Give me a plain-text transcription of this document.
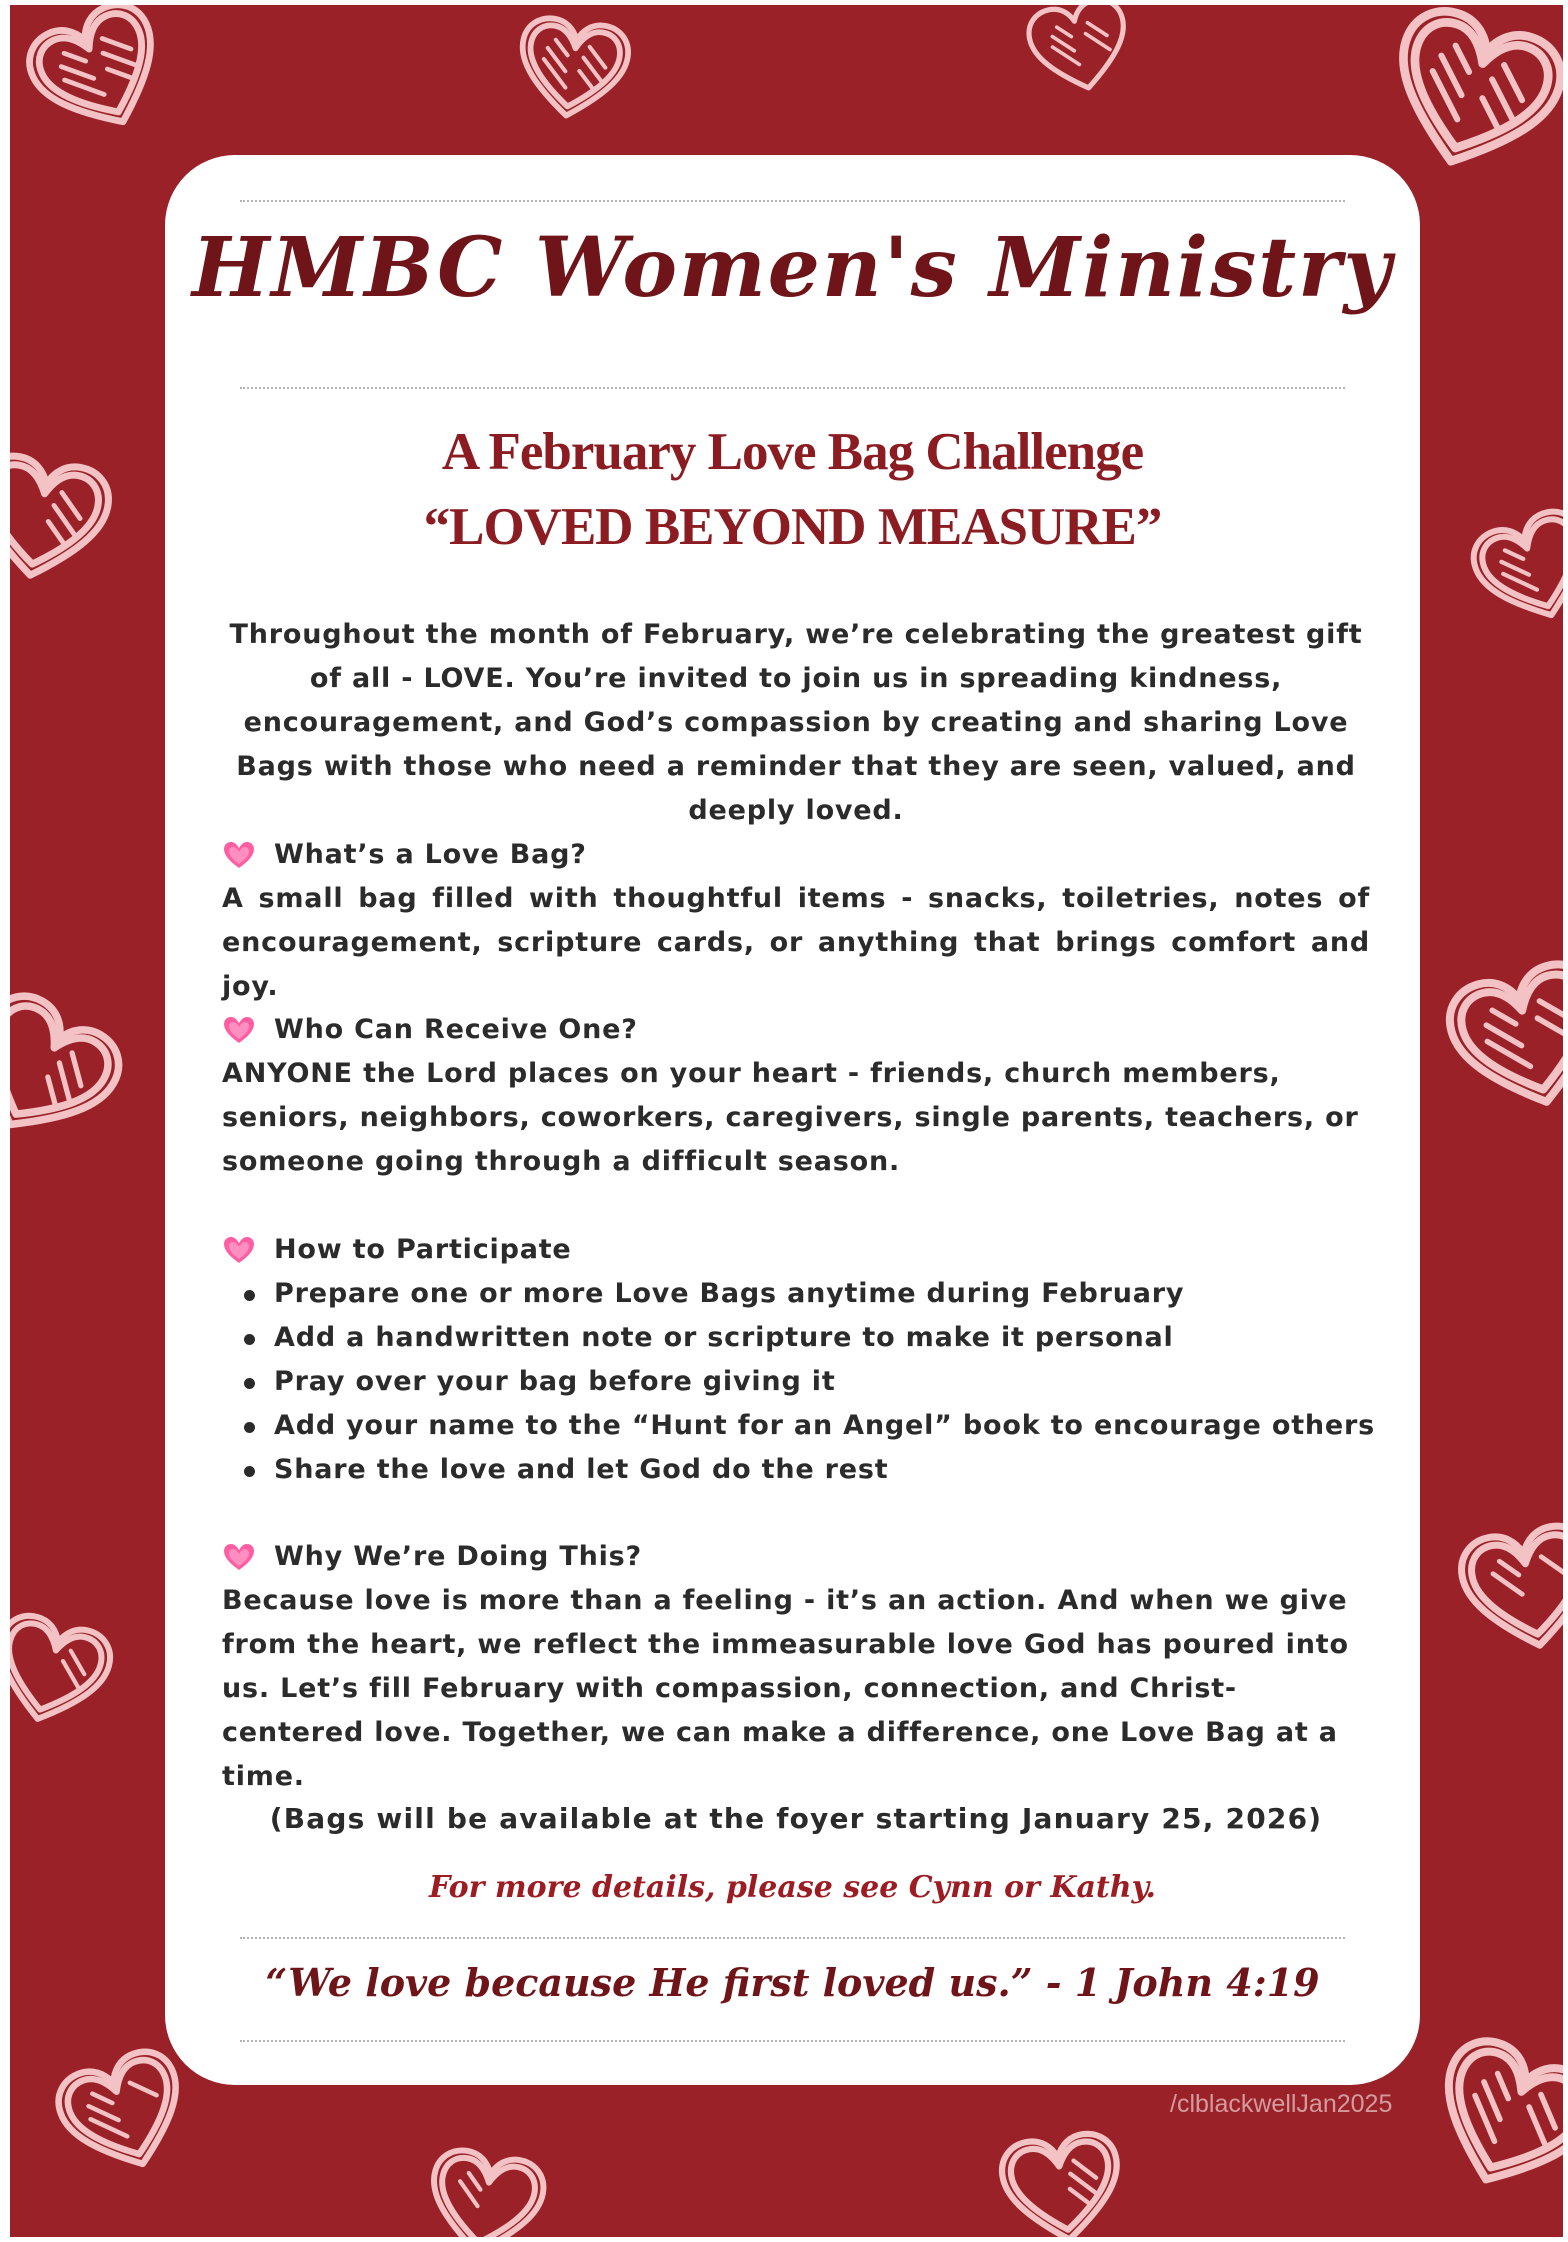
HMBC Women's Ministry
A February Love Bag Challenge
“LOVED BEYOND MEASURE”
Throughout the month of February, we’re celebrating the greatest gift of all - LOVE. You’re invited to join us in spreading kindness, encouragement, and God’s compassion by creating and sharing Love Bags with those who need a reminder that they are seen, valued, and deeply loved.
What’s a Love Bag?
A small bag filled with thoughtful items - snacks, toiletries, notes of encouragement, scripture cards, or anything that brings comfort and joy.
Who Can Receive One?
ANYONE the Lord places on your heart - friends, church members, seniors, neighbors, coworkers, caregivers, single parents, teachers, or someone going through a difficult season.
How to Participate
Prepare one or more Love Bags anytime during February
Add a handwritten note or scripture to make it personal
Pray over your bag before giving it
Add your name to the “Hunt for an Angel” book to encourage others
Share the love and let God do the rest
Why We’re Doing This?
Because love is more than a feeling - it’s an action. And when we give from the heart, we reflect the immeasurable love God has poured into us. Let’s fill February with compassion, connection, and Christ-centered love. Together, we can make a difference, one Love Bag at a time.
(Bags will be available at the foyer starting January 25, 2026)
For more details, please see Cynn or Kathy.
“We love because He first loved us.” - 1 John 4:19
/clblackwellJan2025
